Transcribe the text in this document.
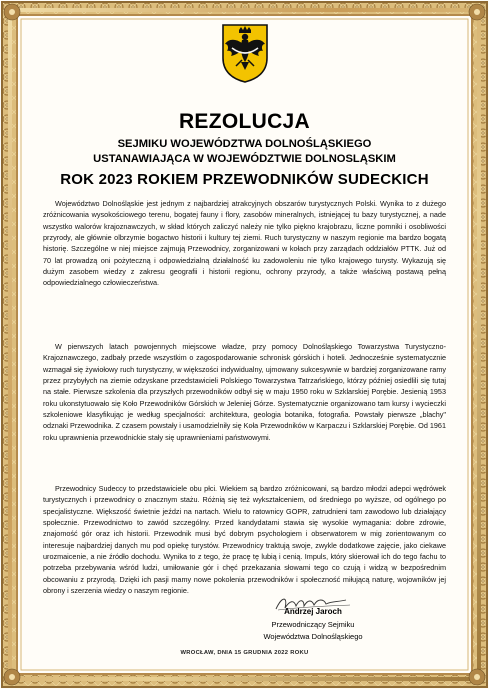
REZOLUCJA
SEJMIKU WOJEWÓDZTWA DOLNOŚLĄSKIEGO
USTANAWIAJĄCA W WOJEWÓDZTWIE DOLNOSLĄSKIM
ROK 2023 ROKIEM PRZEWODNIKÓW SUDECKICH

Województwo Dolnośląskie jest jednym z najbardziej atrakcyjnych obszarów turystycznych Polski. Wynika to z dużego zróżnicowania wysokościowego terenu, bogatej fauny i flory, zasobów mineralnych, istniejącej tu bazy turystycznej, a nade wszystko walorów krajoznawczych, w skład których zaliczyć należy nie tylko piękno krajobrazu, liczne pomniki i osobliwości przyrody, ale głównie olbrzymie bogactwo historii i kultury tej ziemi. Ruch turystyczny w naszym regionie ma bardzo bogatą historię. Szczególne w niej miejsce zajmują Przewodnicy, zorganizowani w kołach przy zarządach oddziałów PTTK. Już od 70 lat prowadzą oni pożyteczną i odpowiedzialną działalność ku zadowoleniu nie tylko krajowego turysty. Wykazują się dużym zasobem wiedzy z zakresu geografii i historii regionu, ochrony przyrody, a także właściwą postawą pełną odpowiedzialnego człowieczeństwa.

W pierwszych latach powojennych miejscowe władze, przy pomocy Dolnośląskiego Towarzystwa Turystyczno-Krajoznawczego, zadbały przede wszystkim o zagospodarowanie schronisk górskich i hoteli. Jednocześnie systematycznie wzmagał się żywiołowy ruch turystyczny, w większości indywidualny, ujmowany sukcesywnie w bardziej zorganizowane ramy przez przybyłych na ziemie odzyskane przedstawicieli Polskiego Towarzystwa Tatrzańskiego, którzy później osiedlili się tutaj na stałe. Pierwsze szkolenia dla przyszłych przewodników odbył się w maju 1950 roku w Szklarskiej Porębie. Jesienią 1953 roku ukonstytuowało się Koło Przewodników Górskich w Jeleniej Górze. Systematycznie organizowano tam kursy i wycieczki szkoleniowe klasyfikując je według specjalności: architektura, geologia botanika, fotografia. Powstały pierwsze „blachy" odznaki Przewodnika. Z czasem powstały i usamodzielniły się Koła Przewodników w Karpaczu i Szklarskiej Porębie. Od 1961 roku uprawnienia przewodnickie stały się uprawnieniami państwowymi.

Przewodnicy Sudeccy to przedstawiciele obu płci. Wiekiem są bardzo zróżnicowani, są bardzo młodzi adepci wędrówek turystycznych i przewodnicy o znacznym stażu. Różnią się też wykształceniem, od średniego po wyższe, od ogólnego po specjalistyczne. Większość świetnie jeździ na nartach. Wielu to ratownicy GOPR, zatrudnieni tam zawodowo lub działający społecznie. Przewodnictwo to zawód szczególny. Przed kandydatami stawia się wysokie wymagania: dobre zdrowie, znajomość gór oraz ich historii. Przewodnik musi być dobrym psychologiem i obserwatorem w mig zorientowanym co interesuje najbardziej danych mu pod opiekę turystów. Przewodnicy traktują swoje, zwykle dodatkowe zajęcie, jako ciekawe urozmaicenie, a nie źródło dochodu. Wynika to z tego, że pracę tę lubią i cenią. Impuls, który skierował ich do tego fachu to potrzeba przebywania wśród ludzi, umiłowanie gór i chęć przekazania słowami tego co czują i widzą w bezpośrednim obcowaniu z przyrodą. Dzięki ich pasji mamy nowe pokolenia przewodników i społeczność miłującą naturę, wojowników jej obrony i szerzenia wiedzy o naszym regionie.

Andrzej Jaroch
Przewodniczący Sejmiku
Województwa Dolnośląskiego
WROCŁAW, DNIA 15 GRUDNIA 2022 ROKU
